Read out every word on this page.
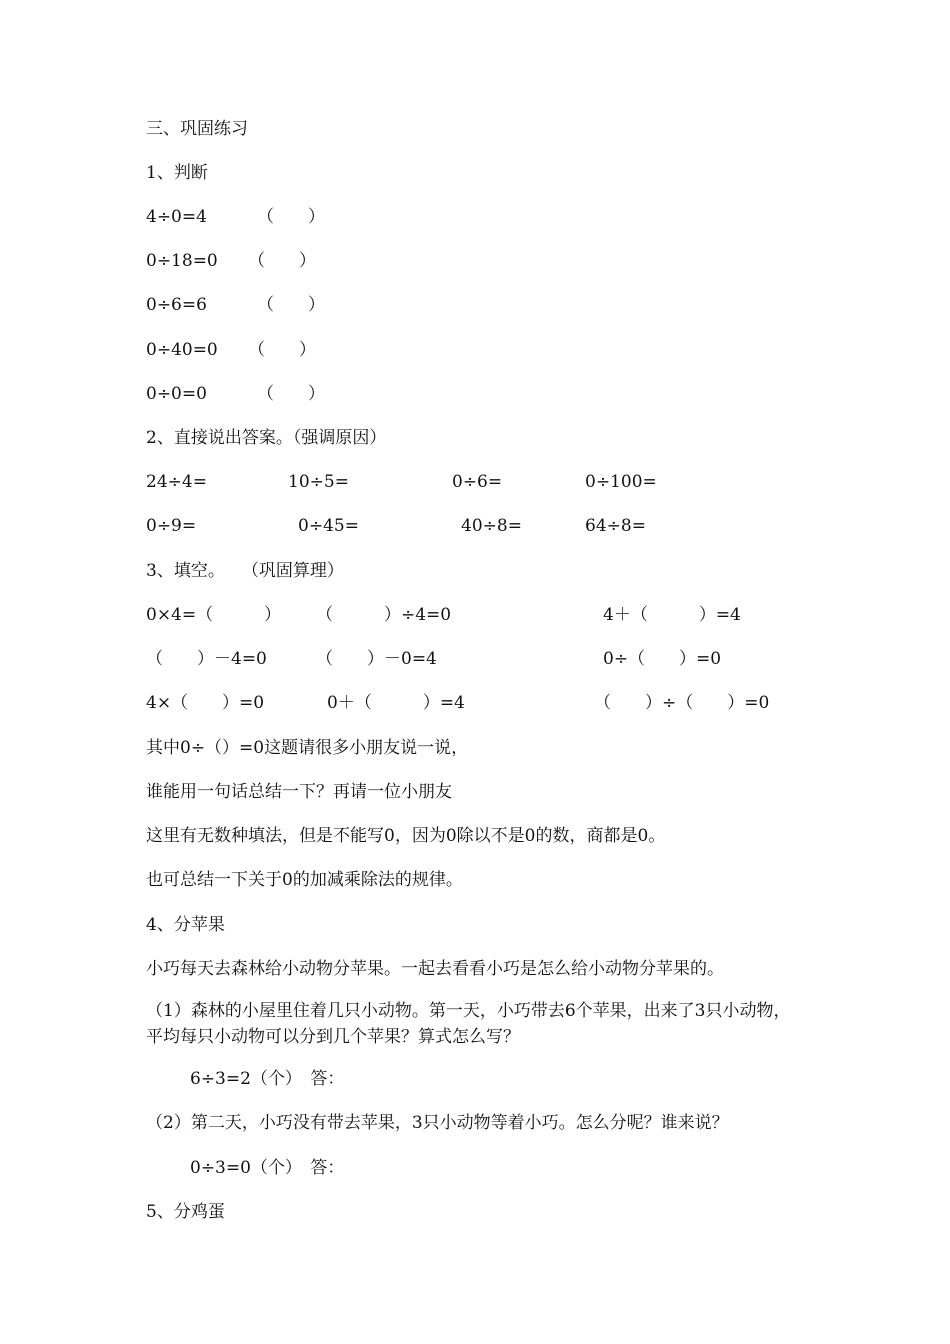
三、巩固练习
1、判断
4÷0=4	（　　）
0÷18=0 （　　）
0÷6=6	（　　）
0÷40=0 （　　）
0÷0=0	（　　）
2、直接说出答案。（强调原因）
24÷4=	10÷5=	0÷6=	0÷100=
0÷9=	0÷45=	40÷8=	64÷8=
3、填空。　　（巩固算理）
0×4=（　　　） （　　　）÷4=0	4＋（　　　）=4
（　　）－4=0	（　　）－0=4	0÷（　　）=0
4×（　　）=0	0＋（　　　）=4	（　　）÷（　　）=0
其中0÷（）=0这题请很多小朋友说一说，
谁能用一句话总结一下？再请一位小朋友
这里有无数种填法，但是不能写0，因为0除以不是0的数，商都是0。
也可总结一下关于0的加减乘除法的规律。
4、分苹果
小巧每天去森林给小动物分苹果。一起去看看小巧是怎么给小动物分苹果的。
（1）森林的小屋里住着几只小动物。第一天，小巧带去6个苹果，出来了3只小动物，平均每只小动物可以分到几个苹果？算式怎么写？
6÷3=2（个）　答：
（2）第二天，小巧没有带去苹果，3只小动物等着小巧。怎么分呢？谁来说？
0÷3=0（个）　答：
5、分鸡蛋
